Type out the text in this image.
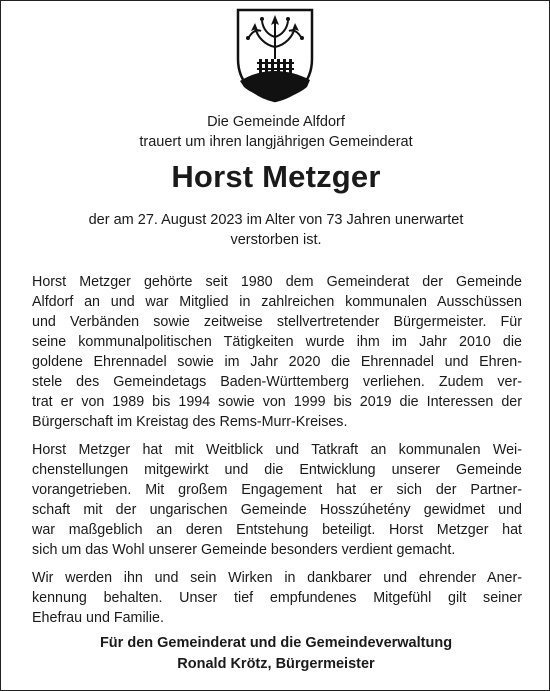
Die Gemeinde Alfdorf
trauert um ihren langjährigen Gemeinderat
Horst Metzger
der am 27. August 2023 im Alter von 73 Jahren unerwartet
verstorben ist.
Horst Metzger gehörte seit 1980 dem Gemeinderat der Gemeinde
Alfdorf an und war Mitglied in zahlreichen kommunalen Ausschüssen
und Verbänden sowie zeitweise stellvertretender Bürgermeister. Für
seine kommunalpolitischen Tätigkeiten wurde ihm im Jahr 2010 die
goldene Ehrennadel sowie im Jahr 2020 die Ehrennadel und Ehren-
stele des Gemeindetags Baden-Württemberg verliehen. Zudem ver-
trat er von 1989 bis 1994 sowie von 1999 bis 2019 die Interessen der
Bürgerschaft im Kreistag des Rems-Murr-Kreises.
Horst Metzger hat mit Weitblick und Tatkraft an kommunalen Wei-
chenstellungen mitgewirkt und die Entwicklung unserer Gemeinde
vorangetrieben. Mit großem Engagement hat er sich der Partner-
schaft mit der ungarischen Gemeinde Hosszúhetény gewidmet und
war maßgeblich an deren Entstehung beteiligt. Horst Metzger hat
sich um das Wohl unserer Gemeinde besonders verdient gemacht.
Wir werden ihn und sein Wirken in dankbarer und ehrender Aner-
kennung behalten. Unser tief empfundenes Mitgefühl gilt seiner
Ehefrau und Familie.
Für den Gemeinderat und die Gemeindeverwaltung
Ronald Krötz, Bürgermeister
